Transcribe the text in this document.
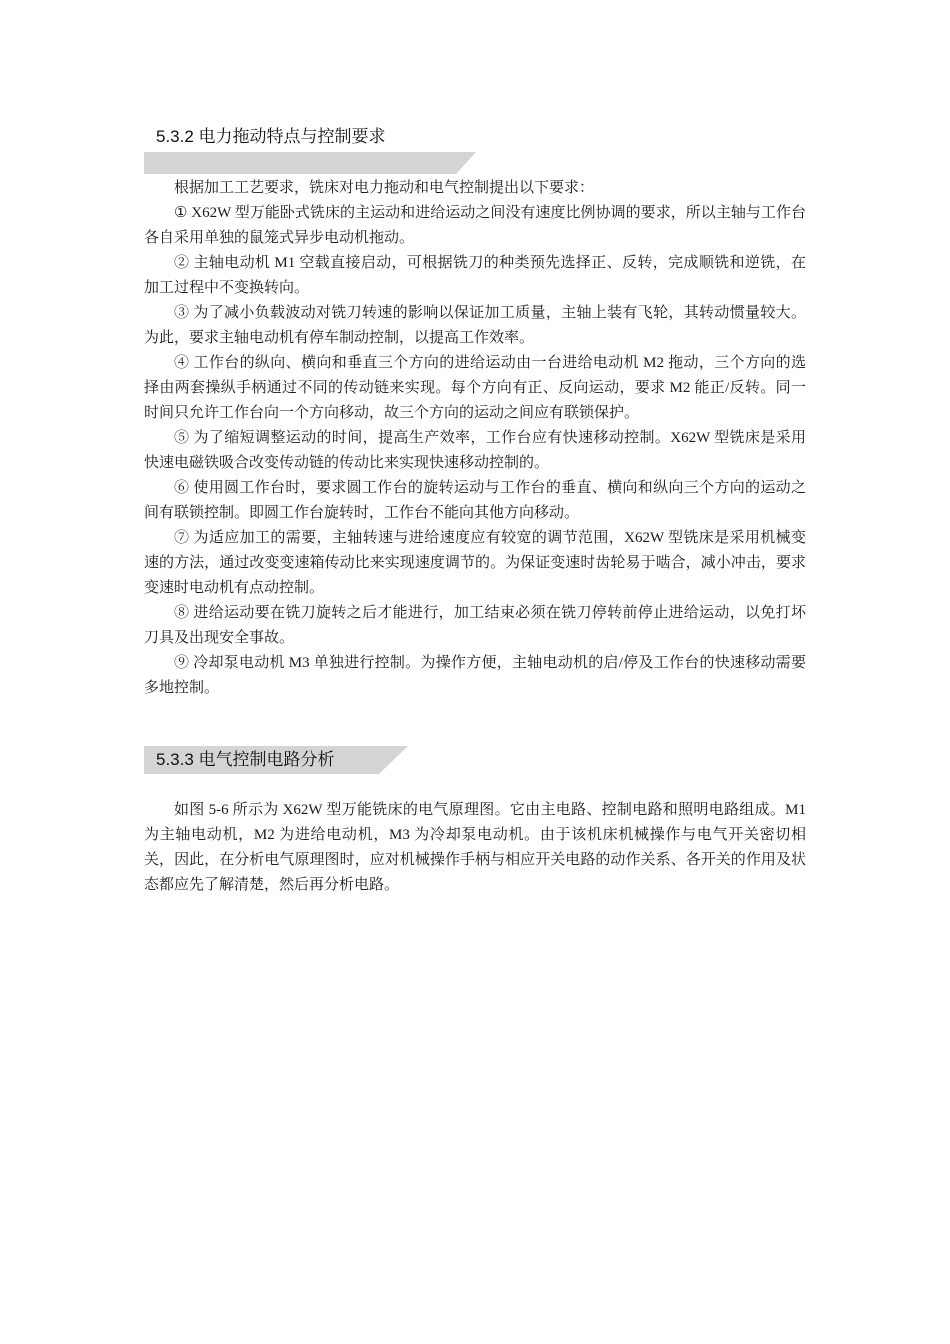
5.3.2 电力拖动特点与控制要求

根据加工工艺要求，铣床对电力拖动和电气控制提出以下要求：

① X62W 型万能卧式铣床的主运动和进给运动之间没有速度比例协调的要求，所以主轴与工作台各自采用单独的鼠笼式异步电动机拖动。

② 主轴电动机 M1 空载直接启动，可根据铣刀的种类预先选择正、反转，完成顺铣和逆铣，在加工过程中不变换转向。

③ 为了减小负载波动对铣刀转速的影响以保证加工质量，主轴上装有飞轮，其转动惯量较大。为此，要求主轴电动机有停车制动控制，以提高工作效率。

④ 工作台的纵向、横向和垂直三个方向的进给运动由一台进给电动机 M2 拖动，三个方向的选择由两套操纵手柄通过不同的传动链来实现。每个方向有正、反向运动，要求 M2 能正/反转。同一时间只允许工作台向一个方向移动，故三个方向的运动之间应有联锁保护。

⑤ 为了缩短调整运动的时间，提高生产效率，工作台应有快速移动控制。X62W 型铣床是采用快速电磁铁吸合改变传动链的传动比来实现快速移动控制的。

⑥ 使用圆工作台时，要求圆工作台的旋转运动与工作台的垂直、横向和纵向三个方向的运动之间有联锁控制。即圆工作台旋转时，工作台不能向其他方向移动。

⑦ 为适应加工的需要，主轴转速与进给速度应有较宽的调节范围，X62W 型铣床是采用机械变速的方法，通过改变变速箱传动比来实现速度调节的。为保证变速时齿轮易于啮合，减小冲击，要求变速时电动机有点动控制。

⑧ 进给运动要在铣刀旋转之后才能进行，加工结束必须在铣刀停转前停止进给运动，以免打坏刀具及出现安全事故。

⑨ 冷却泵电动机 M3 单独进行控制。为操作方便，主轴电动机的启/停及工作台的快速移动需要多地控制。

5.3.3 电气控制电路分析

如图 5-6 所示为 X62W 型万能铣床的电气原理图。它由主电路、控制电路和照明电路组成。M1 为主轴电动机，M2 为进给电动机，M3 为冷却泵电动机。由于该机床机械操作与电气开关密切相关，因此，在分析电气原理图时，应对机械操作手柄与相应开关电路的动作关系、各开关的作用及状态都应先了解清楚，然后再分析电路。
